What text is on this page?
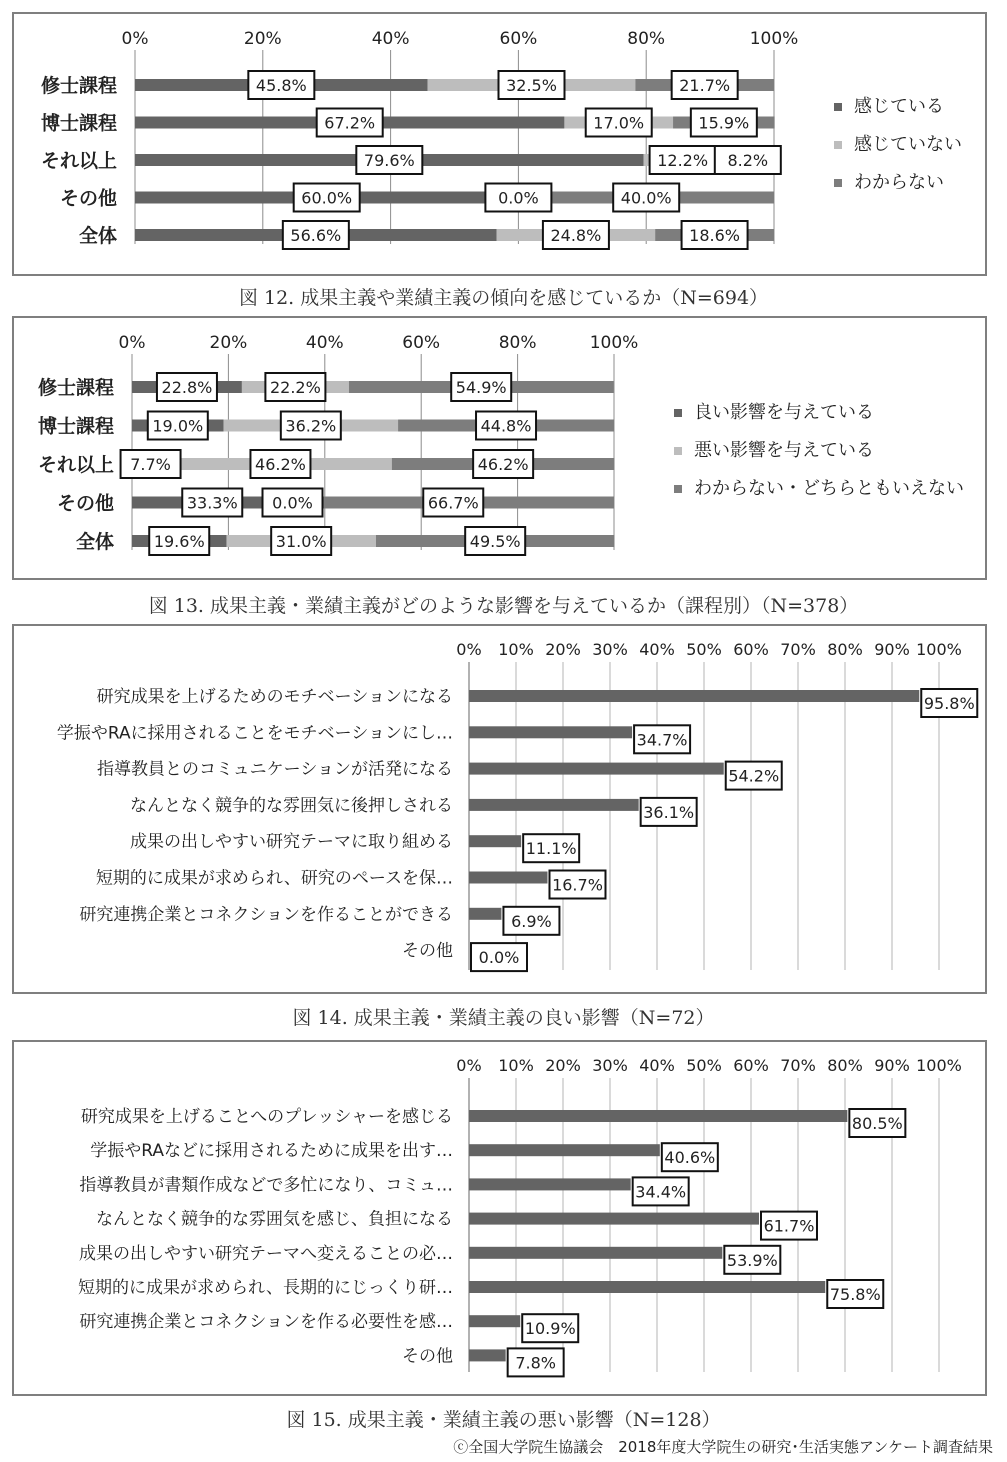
0%	20%	40%	60%	80%	100%
修士課程	45.8%	32.5%	21.7%
博士課程	67.2%	17.0%	15.9%
それ以上	79.6%	12.2% 8.2%
その他	60.0%	0.0%	40.0%
全体	56.6%	24.8%	18.6%
感じている
感じていない
わからない
図 12. 成果主義や業績主義の傾向を感じているか（N=694）
0%	20%	40%	60%	80%	100%
修士課程	22.8%	22.2%	54.9%
博士課程 19.0%	36.2%	44.8%
それ以上 7.7%	46.2%	46.2%
その他	33.3% 0.0%	66.7%
全体 19.6%	31.0%	49.5%
良い影響を与えている
悪い影響を与えている
わからない・どちらともいえない
図 13. 成果主義・業績主義がどのような影響を与えているか（課程別）（N=378）
0% 10% 20% 30% 40% 50% 60% 70% 80% 90% 100%
研究成果を上げるためのモチベーションになる	95.8%
学振やRAに採用されることをモチベーションにし…	34.7%
指導教員とのコミュニケーションが活発になる	54.2%
なんとなく競争的な雰囲気に後押しされる	36.1%
成果の出しやすい研究テーマに取り組める	11.1%
短期的に成果が求められ、研究のペースを保…	16.7%
研究連携企業とコネクションを作ることができる	6.9%
その他 0.0%
図 14. 成果主義・業績主義の良い影響（N=72）
0% 10% 20% 30% 40% 50% 60% 70% 80% 90% 100%
研究成果を上げることへのプレッシャーを感じる	80.5%
学振やRAなどに採用されるために成果を出す…	40.6%
指導教員が書類作成などで多忙になり、コミュ…	34.4%
なんとなく競争的な雰囲気を感じ、負担になる	61.7%
成果の出しやすい研究テーマへ変えることの必…	53.9%
短期的に成果が求められ、長期的にじっくり研…	75.8%
研究連携企業とコネクションを作る必要性を感…	10.9%
その他	7.8%
図 15. 成果主義・業績主義の悪い影響（N=128）
ⓒ全国大学院生協議会　2018年度大学院生の研究･生活実態アンケート調査結果
